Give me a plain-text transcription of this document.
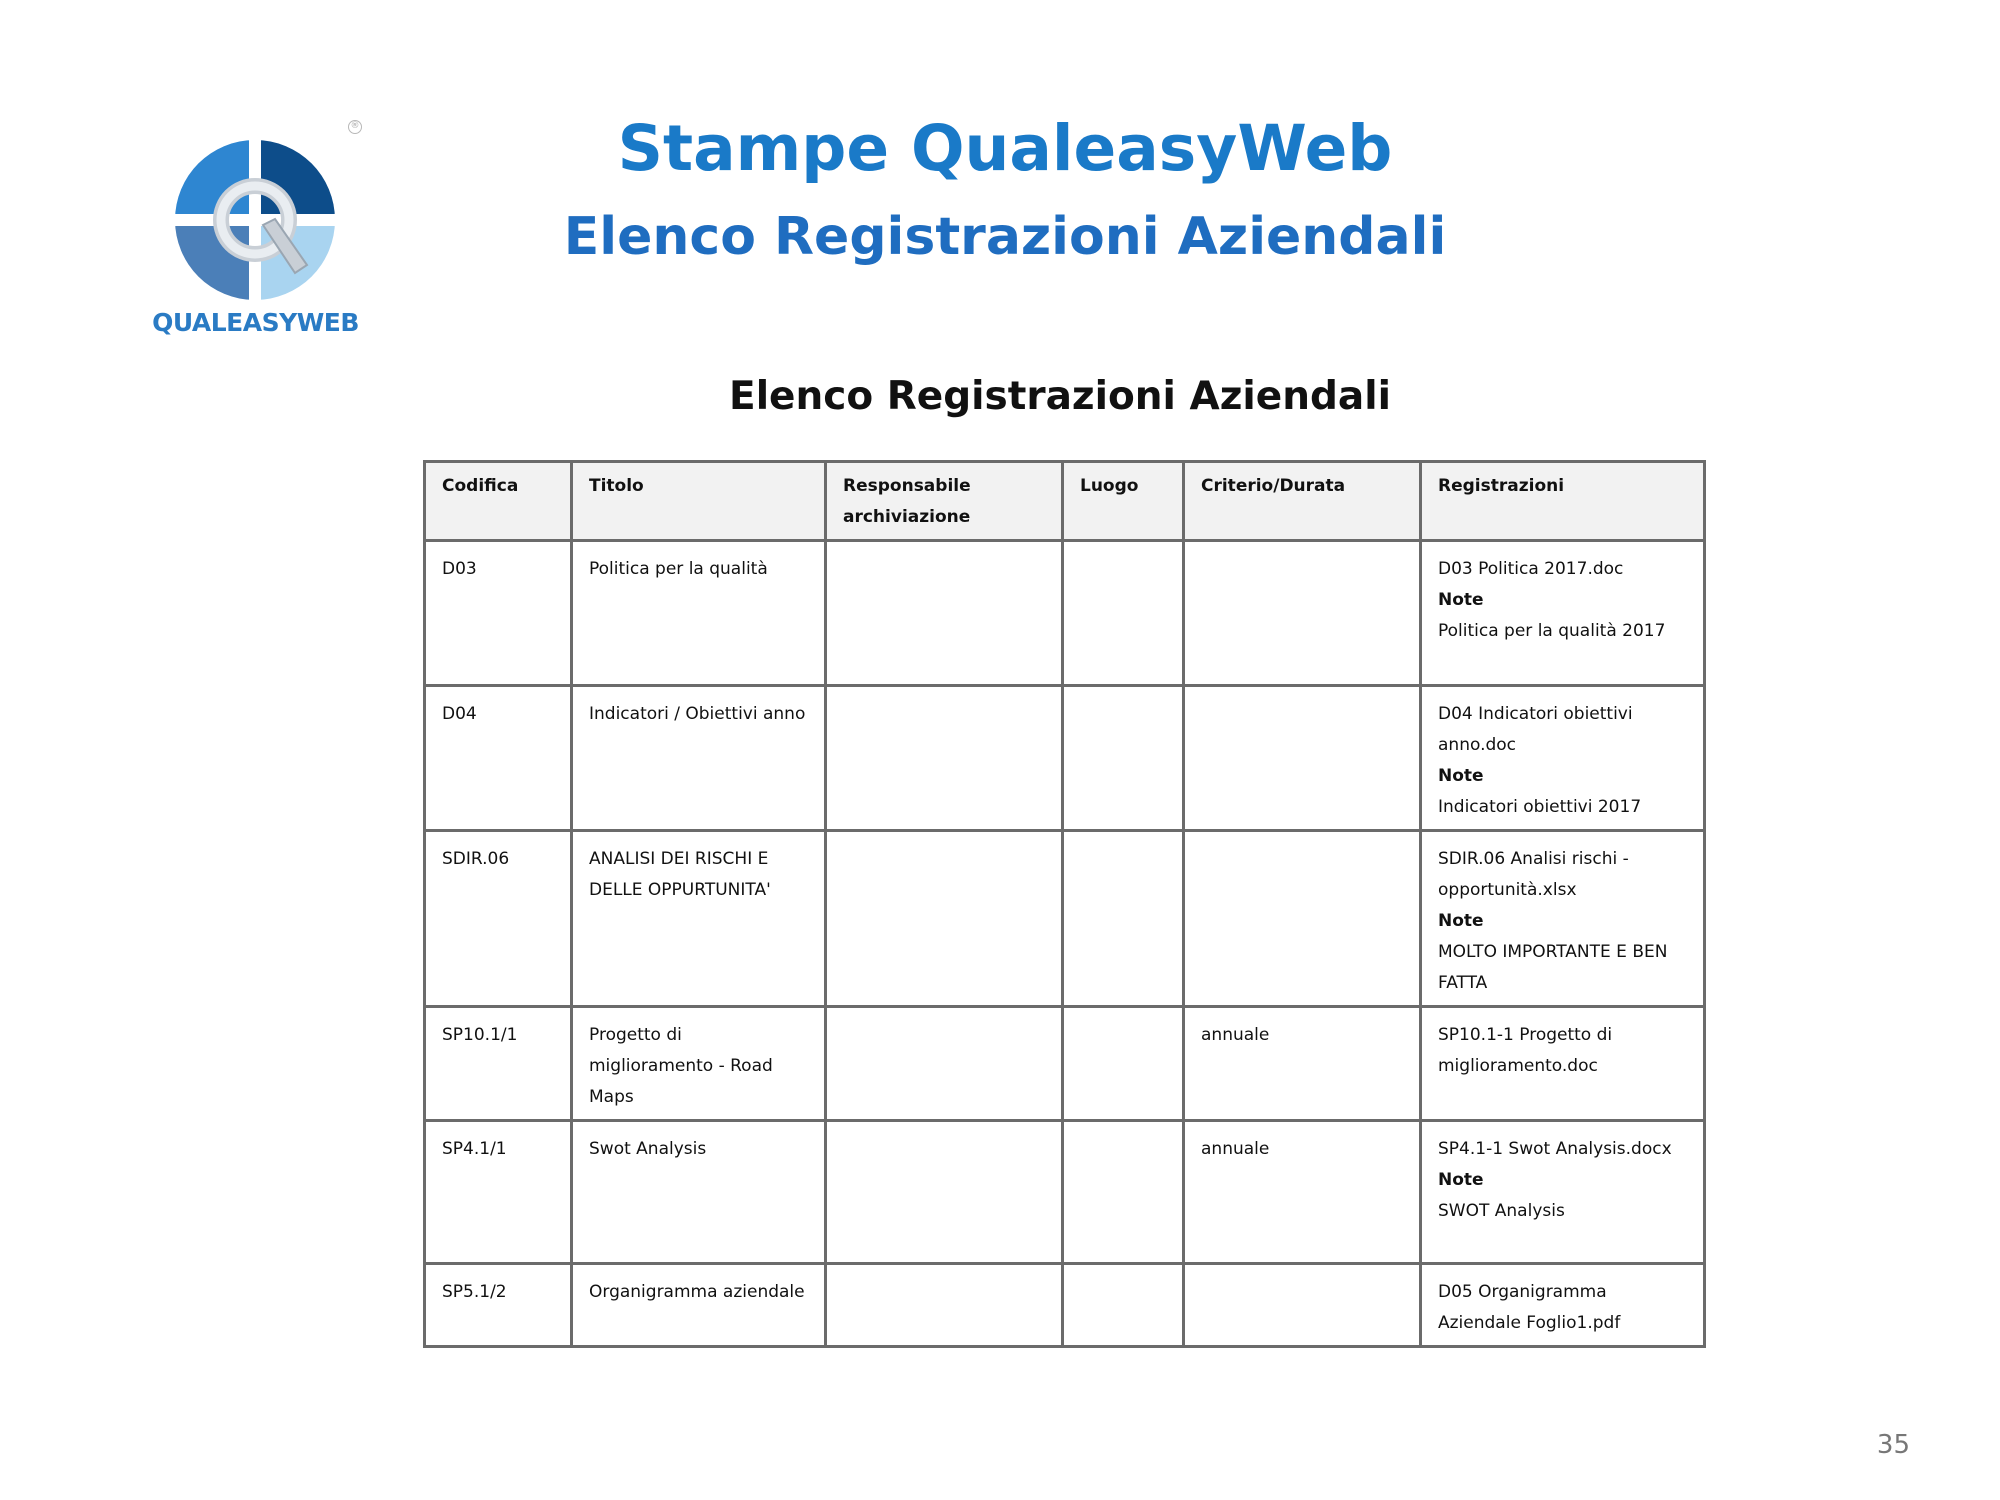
®
QUALEASYWEB
Stampe QualeasyWeb
Elenco Registrazioni Aziendali
Elenco Registrazioni Aziendali
Codifica	Titolo	Responsabile archiviazione	Luogo	Criterio/Durata	Registrazioni
D03	Politica per la qualità				D03 Politica 2017.doc
Note
Politica per la qualità 2017

D04	Indicatori / Obiettivi anno				D04 Indicatori obiettivi anno.doc
Note
Indicatori obiettivi 2017

SDIR.06	ANALISI DEI RISCHI E DELLE OPPURTUNITA'				SDIR.06 Analisi rischi - opportunità.xlsx
Note
MOLTO IMPORTANTE E BEN FATTA

SP10.1/1	Progetto di miglioramento - Road Maps			annuale	SP10.1-1 Progetto di miglioramento.doc

SP4.1/1	Swot Analysis			annuale	SP4.1-1 Swot Analysis.docx
Note
SWOT Analysis

SP5.1/2	Organigramma aziendale				D05 Organigramma Aziendale Foglio1.pdf
35
